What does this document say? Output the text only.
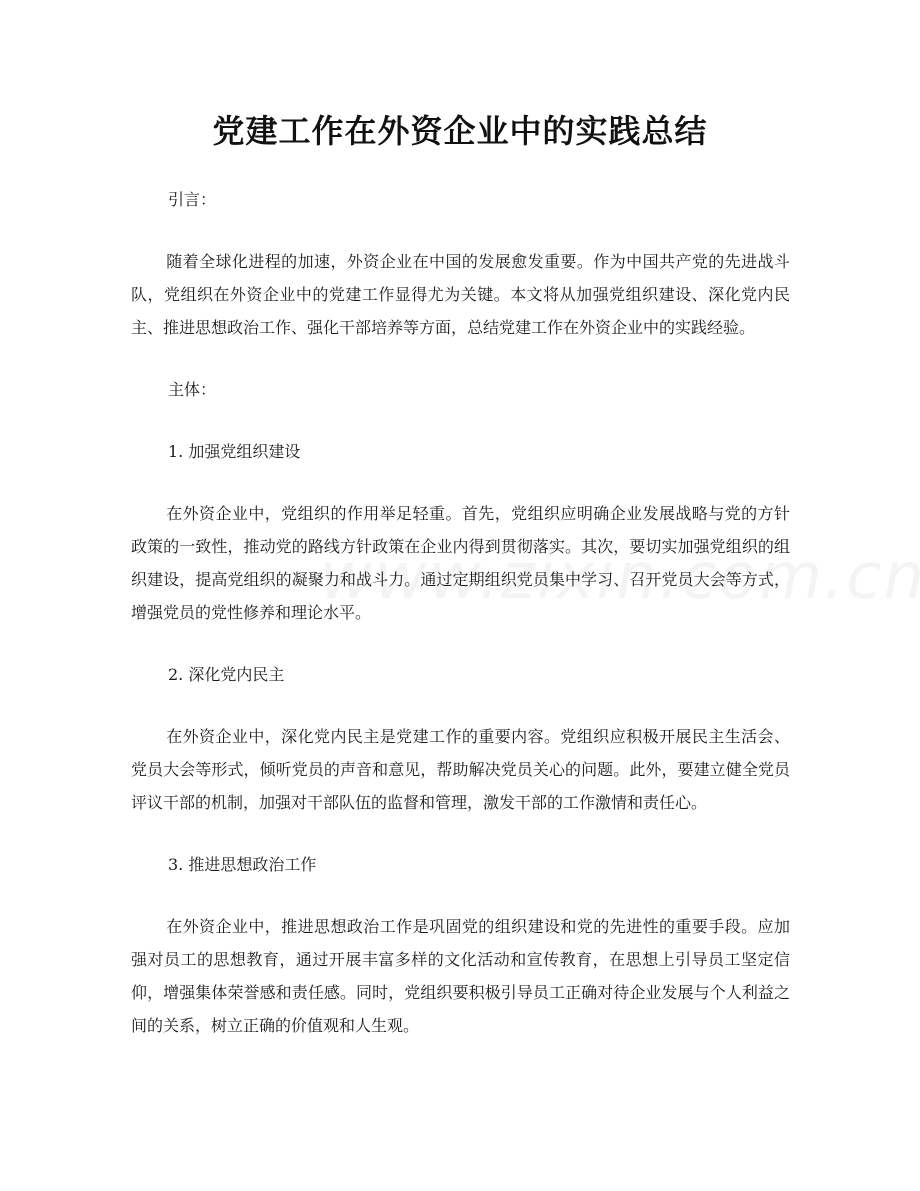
党建工作在外资企业中的实践总结

引言：

随着全球化进程的加速，外资企业在中国的发展愈发重要。作为中国共产党的先进战斗队，党组织在外资企业中的党建工作显得尤为关键。本文将从加强党组织建设、深化党内民主、推进思想政治工作、强化干部培养等方面，总结党建工作在外资企业中的实践经验。

主体：

1. 加强党组织建设

在外资企业中，党组织的作用举足轻重。首先，党组织应明确企业发展战略与党的方针政策的一致性，推动党的路线方针政策在企业内得到贯彻落实。其次，要切实加强党组织的组织建设，提高党组织的凝聚力和战斗力。通过定期组织党员集中学习、召开党员大会等方式，增强党员的党性修养和理论水平。

2. 深化党内民主

在外资企业中，深化党内民主是党建工作的重要内容。党组织应积极开展民主生活会、党员大会等形式，倾听党员的声音和意见，帮助解决党员关心的问题。此外，要建立健全党员评议干部的机制，加强对干部队伍的监督和管理，激发干部的工作激情和责任心。

3. 推进思想政治工作

在外资企业中，推进思想政治工作是巩固党的组织建设和党的先进性的重要手段。应加强对员工的思想教育，通过开展丰富多样的文化活动和宣传教育，在思想上引导员工坚定信仰，增强集体荣誉感和责任感。同时，党组织要积极引导员工正确对待企业发展与个人利益之间的关系，树立正确的价值观和人生观。
